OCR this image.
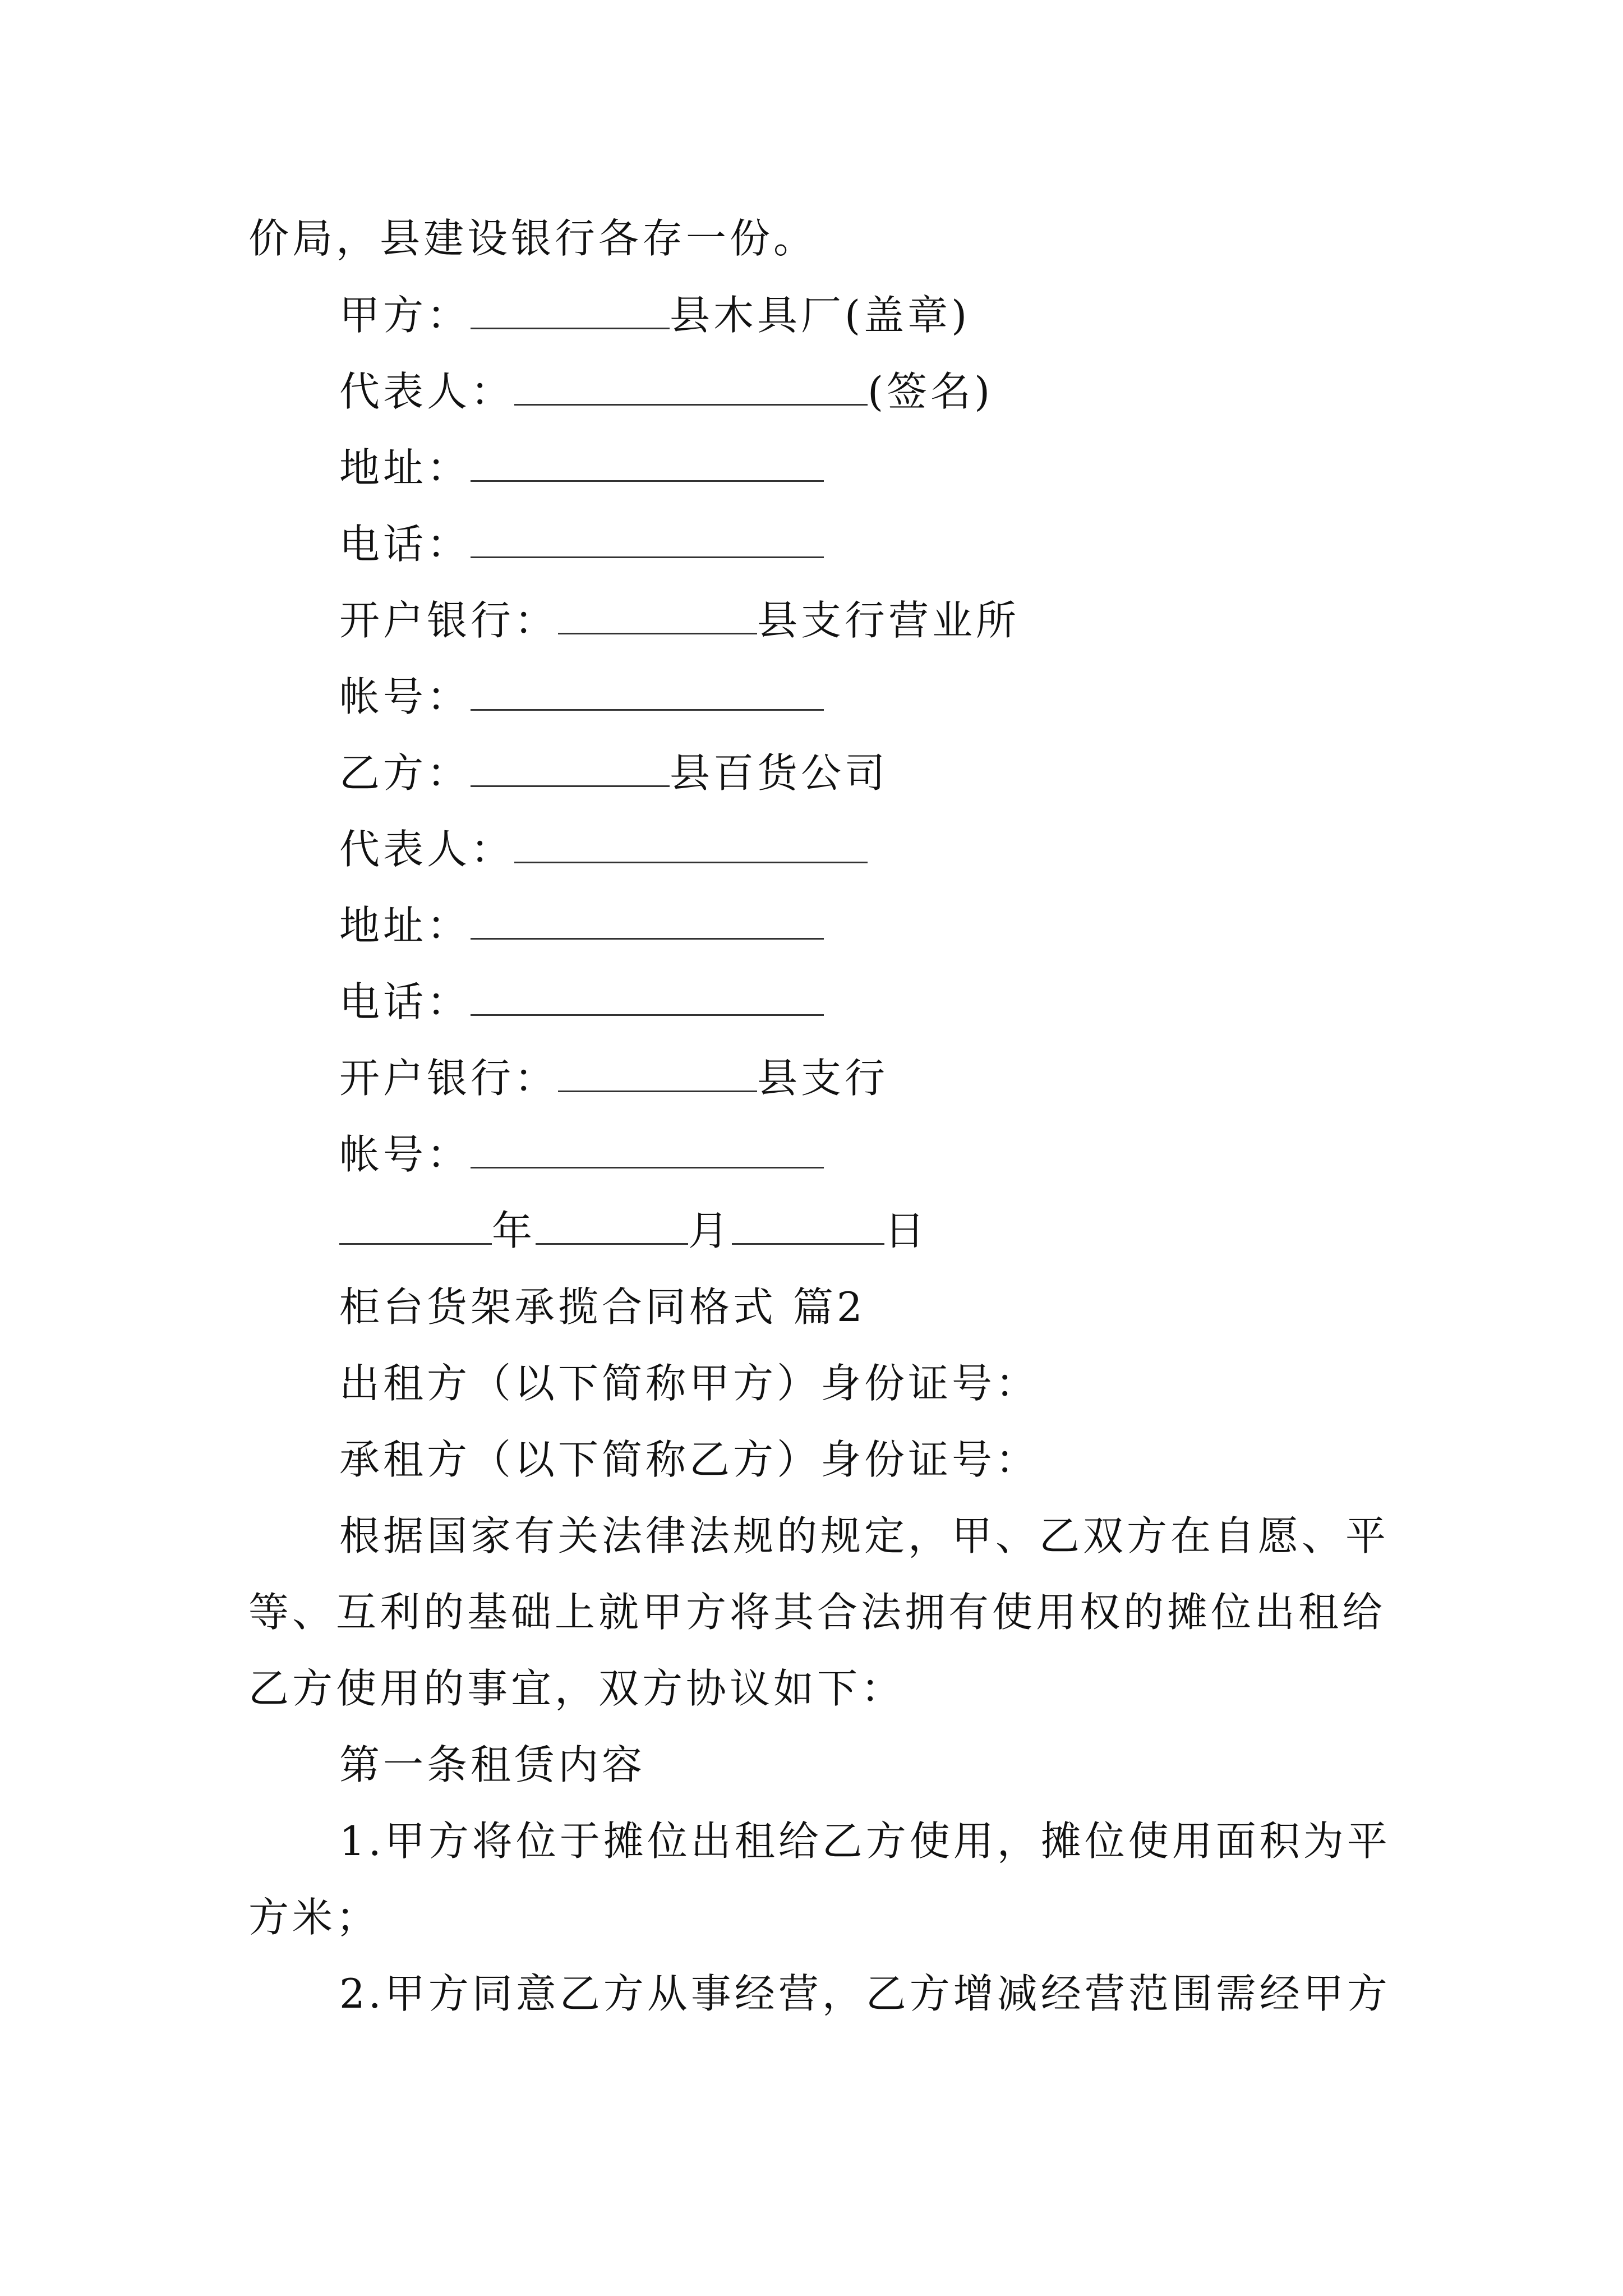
价局，县建设银行各存一份。
甲方：	县木具厂(盖章)
代表人：	(签名)
地址：
电话：
开户银行：	县支行营业所
帐号：
乙方：	县百货公司
代表人：
地址：
电话：
开户银行：	县支行
帐号：
年	月	日
柜台货架承揽合同格式 篇2
出租方（以下简称甲方）身份证号：
承租方（以下简称乙方）身份证号：
根据国家有关法律法规的规定，甲、乙双方在自愿、平
等、互利的基础上就甲方将其合法拥有使用权的摊位出租给
乙方使用的事宜，双方协议如下：
第一条租赁内容
1.甲方将位于摊位出租给乙方使用，摊位使用面积为平
方米；
2.甲方同意乙方从事经营，乙方增减经营范围需经甲方
